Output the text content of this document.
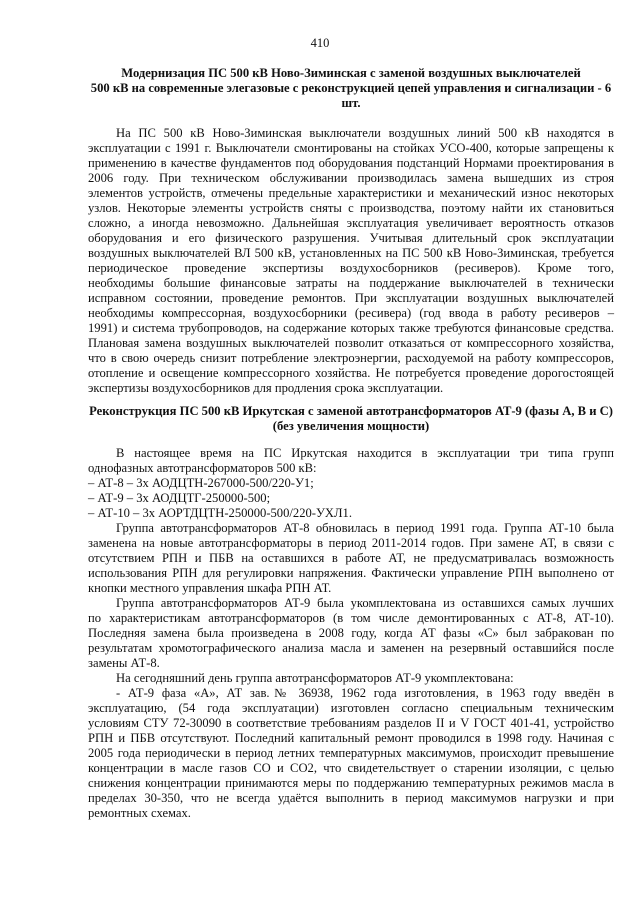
410
Модернизация ПС 500 кВ Ново-Зиминская с заменой воздушных выключателей
500 кВ на современные элегазовые с реконструкцией цепей управления и сигнализации - 6
шт.
На ПС 500 кВ Ново-Зиминская выключатели воздушных линий 500 кВ находятся в
эксплуатации с 1991 г. Выключатели смонтированы на стойках УСО-400, которые запрещены к
применению в качестве фундаментов под оборудования подстанций Нормами проектирования в
2006 году. При техническом обслуживании производилась замена вышедших из строя
элементов устройств, отмечены предельные характеристики и механический износ некоторых
узлов. Некоторые элементы устройств сняты с производства, поэтому найти их становиться
сложно, а иногда невозможно. Дальнейшая эксплуатация увеличивает вероятность отказов
оборудования и его физического разрушения. Учитывая длительный срок эксплуатации
воздушных выключателей ВЛ 500 кВ, установленных на ПС 500 кВ Ново-Зиминская, требуется
периодическое проведение экспертизы воздухосборников (ресиверов). Кроме того,
необходимы большие финансовые затраты на поддержание выключателей в технически
исправном состоянии, проведение ремонтов. При эксплуатации воздушных выключателей
необходимы компрессорная, воздухосборники (ресивера) (год ввода в работу ресиверов –
1991) и система трубопроводов, на содержание которых также требуются финансовые средства.
Плановая замена воздушных выключателей позволит отказаться от компрессорного хозяйства,
что в свою очередь снизит потребление электроэнергии, расходуемой на работу компрессоров,
отопление и освещение компрессорного хозяйства. Не потребуется проведение дорогостоящей
экспертизы воздухосборников для продления срока эксплуатации.
Реконструкция ПС 500 кВ Иркутская с заменой автотрансформаторов АТ-9 (фазы А, В и С)
(без увеличения мощности)
В настоящее время на ПС Иркутская находится в эксплуатации три типа групп
однофазных автотрансформаторов 500 кВ:
– АТ-8 – 3х АОДЦТН-267000-500/220-У1;
– АТ-9 – 3х АОДЦТГ-250000-500;
– АТ-10 – 3х АОРТДЦТН-250000-500/220-УХЛ1.
Группа автотрансформаторов АТ-8 обновилась в период 1991 года. Группа АТ-10 была
заменена на новые автотрансформаторы в период 2011-2014 годов. При замене АТ, в связи с
отсутствием РПН и ПБВ на оставшихся в работе АТ, не предусматривалась возможность
использования РПН для регулировки напряжения. Фактически управление РПН выполнено от
кнопки местного управления шкафа РПН АТ.
Группа автотрансформаторов АТ-9 была укомплектована из оставшихся самых лучших
по характеристикам автотрансформаторов (в том числе демонтированных с АТ-8, АТ-10).
Последняя замена была произведена в 2008 году, когда АТ фазы «С» был забракован по
результатам хромотографического анализа масла и заменен на резервный оставшийся после
замены АТ-8.
На сегодняшний день группа автотрансформаторов АТ-9 укомплектована:
- АТ-9 фаза «А», АТ зав.№ 36938, 1962 года изготовления, в 1963 году введён в
эксплуатацию, (54 года эксплуатации) изготовлен согласно специальным техническим
условиям СТУ 72-30090 в соответствие требованиям разделов II и V ГОСТ 401-41, устройство
РПН и ПБВ отсутствуют. Последний капитальный ремонт проводился в 1998 году. Начиная с
2005 года периодически в период летних температурных максимумов, происходит превышение
концентрации в масле газов СО и СО2, что свидетельствует о старении изоляции, с целью
снижения концентрации принимаются меры по поддержанию температурных режимов масла в
пределах 30-350, что не всегда удаётся выполнить в период максимумов нагрузки и при
ремонтных схемах.
